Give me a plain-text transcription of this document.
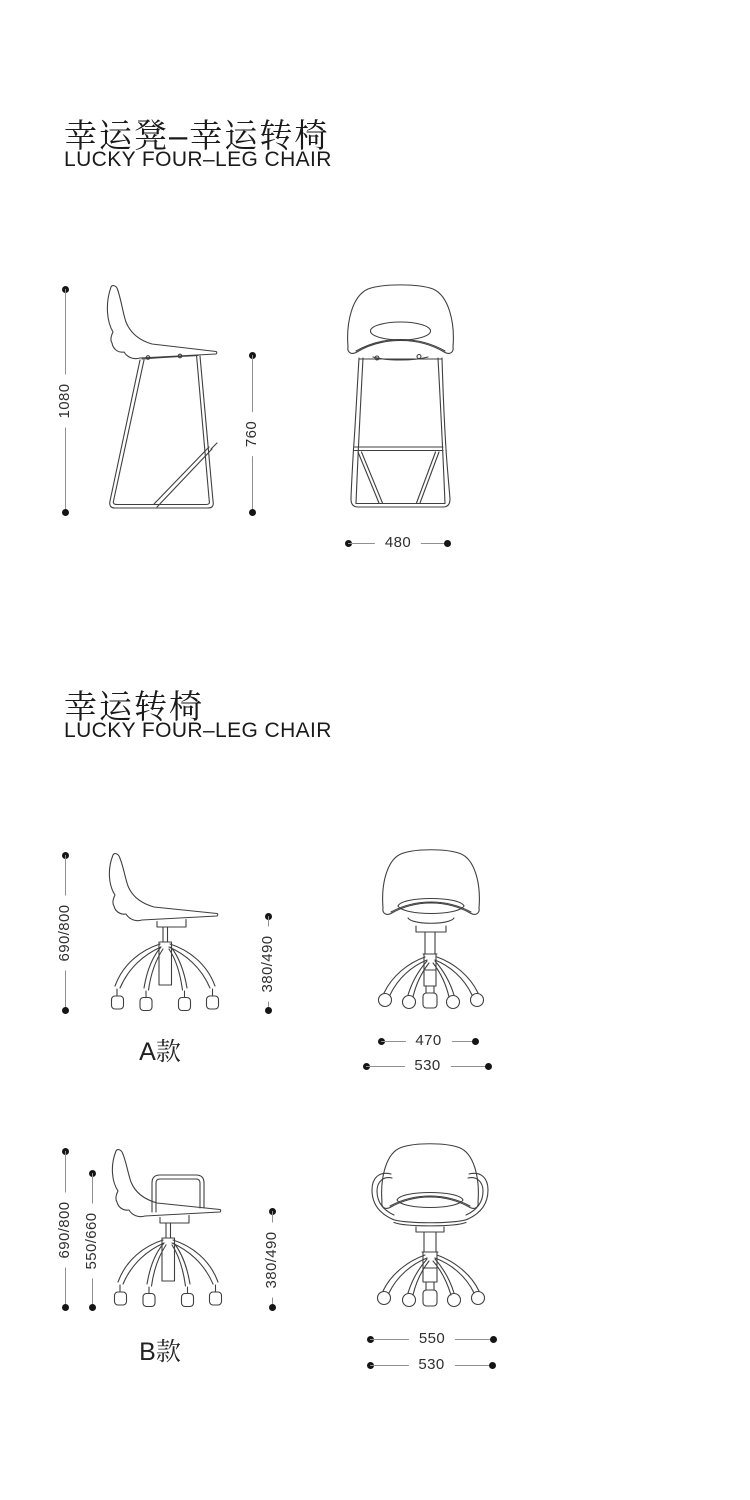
幸运凳–幸运转椅
LUCKY FOUR–LEG CHAIR
1080
760
480
幸运转椅
LUCKY FOUR–LEG CHAIR
690/800
380/490
A款	470
530
690/800 550/660	380/490
B款	550
530
